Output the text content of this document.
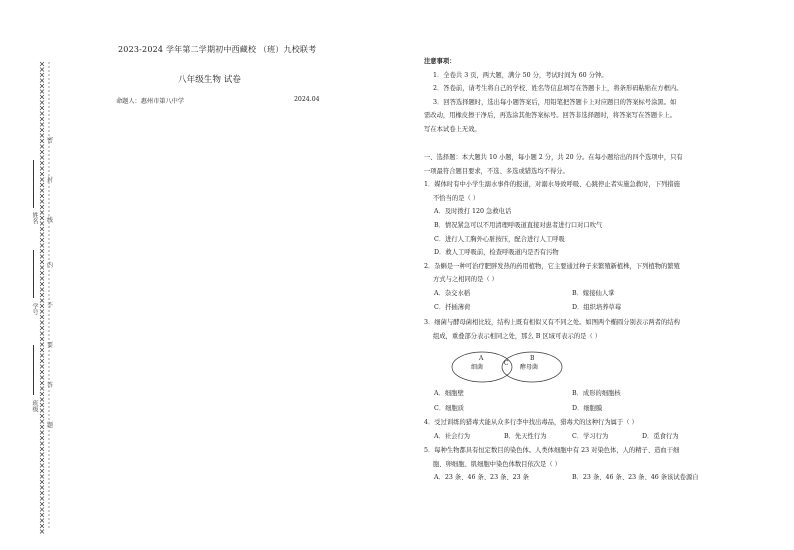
密
封
线
内
不
要
答
题
姓名
学号
班级
2023-2024 学年第二学期初中西藏校 （班）九校联考
八年级生物 试卷
命题人：惠州市第八中学	2024.04
注意事项：
1．全卷共 3 页，两大题，满分 50 分，考试时间为 60 分钟。
2．答卷前，请考生将自己的学校、姓名等信息填写在答题卡上，将条形码粘贴在方框内。
3．回答选择题时，选出每小题答案后，用铅笔把答题卡上对应题目的答案标号涂黑。如
需改动，用橡皮擦干净后，再选涂其他答案标号。回答非选择题时，将答案写在答题卡上。
写在本试卷上无效。
一、选择题：本大题共 10 小题，每小题 2 分，共 20 分。在每小题给出的四个选项中，只有
一项最符合题目要求，不选、多选或错选均不得分。
1．媒体时有中小学生溺水事件的报道，对溺水导致呼吸、心跳停止者实施急救时，下列措施
不恰当的是（ ）
A．及时拨打 120 急救电话
B．情况紧急可以不用清理呼吸道直接对患者进行口对口吹气
C．进行人工胸外心脏按压，配合进行人工呼吸
D．救人工呼吸前，检查呼吸道内是否有污物
2．杂蝌是一种可治疗肥胖发热的药用植物，它主要通过种子来繁殖新植株，下列植物的繁殖
方式与之相同的是（ ）
A．杂交水稻	B．嫁接仙人掌
C．扦插薄荷	D．组织培养草莓
3．细菌与酵母菌相比较，结构上既有相似又有不同之处。如图两个椭圆分别表示两者的结构
组成，重叠部分表示相同之处，那么 B 区域可表示的是（ ）
A
细菌
C
B
酵母菌
A．细胞壁	B．成形的细胞核
C．细胞质	D．细胞膜
4．受过训练的猎毒犬能从众多行李中找出毒品，猎毒犬的这种行为属于（ ）
A．社会行为	B．先天性行为	C．学习行为	D．觅食行为
5．每种生物都具有恒定数目的染色体。人类体细胞中有 23 对染色体，人的精子、造血干细
胞、卵细胞、肌细胞中染色体数目依次是（ ）
A．23 条、46 条、23 条、23 条	B．23 条、46 条、23 条、46 条该试卷源自
